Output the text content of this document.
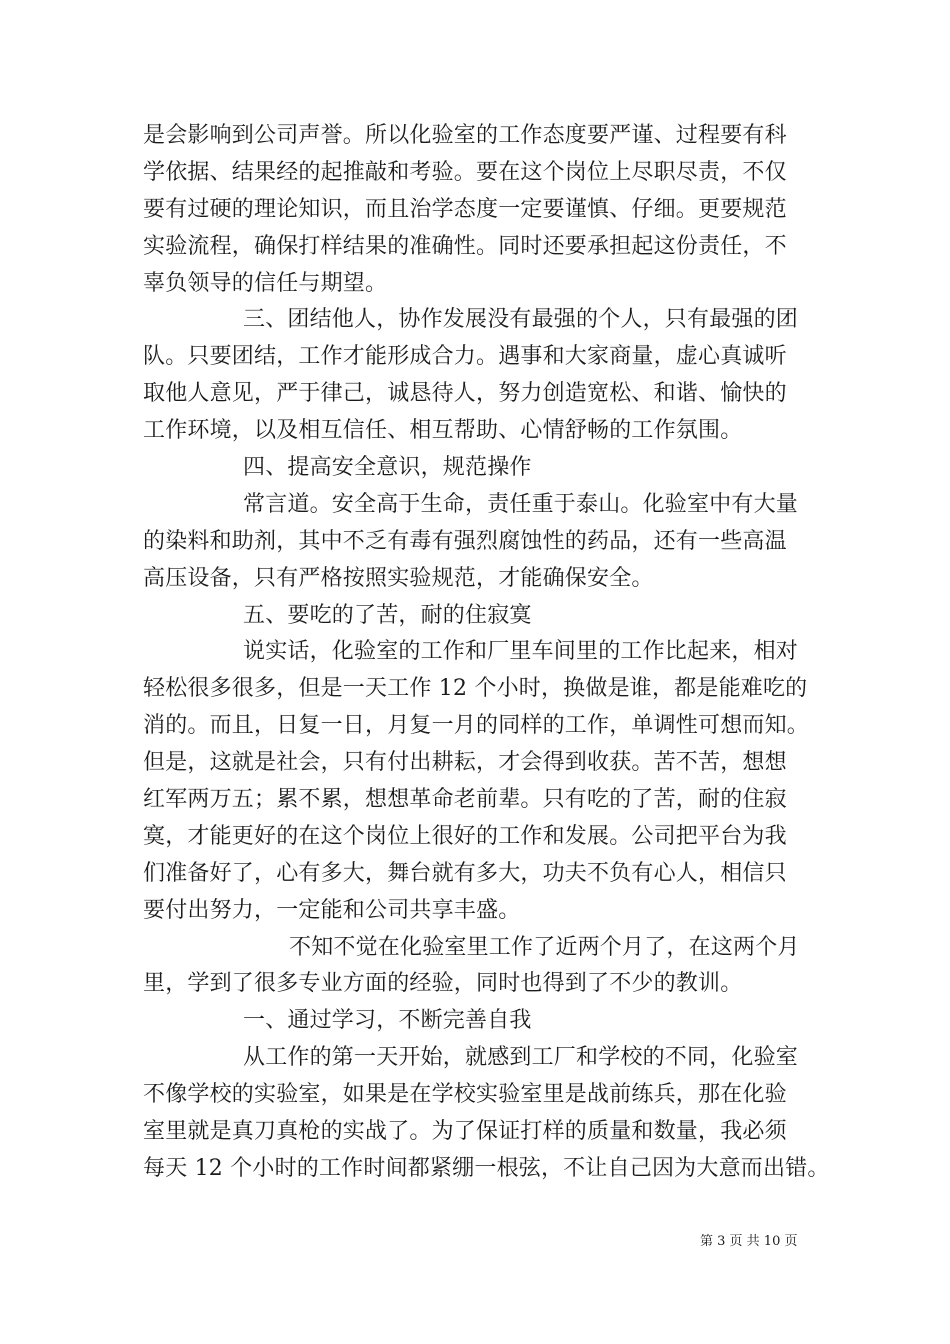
是会影响到公司声誉。所以化验室的工作态度要严谨、过程要有科
学依据、结果经的起推敲和考验。要在这个岗位上尽职尽责，不仅
要有过硬的理论知识，而且治学态度一定要谨慎、仔细。更要规范
实验流程，确保打样结果的准确性。同时还要承担起这份责任，不
辜负领导的信任与期望。
三、团结他人，协作发展没有最强的个人，只有最强的团
队。只要团结，工作才能形成合力。遇事和大家商量，虚心真诚听
取他人意见，严于律己，诚恳待人，努力创造宽松、和谐、愉快的
工作环境，以及相互信任、相互帮助、心情舒畅的工作氛围。
四、提高安全意识，规范操作
常言道。安全高于生命，责任重于泰山。化验室中有大量
的染料和助剂，其中不乏有毒有强烈腐蚀性的药品，还有一些高温
高压设备，只有严格按照实验规范，才能确保安全。
五、要吃的了苦，耐的住寂寞
说实话，化验室的工作和厂里车间里的工作比起来，相对
轻松很多很多，但是一天工作 12 个小时，换做是谁，都是能难吃的
消的。而且，日复一日，月复一月的同样的工作，单调性可想而知。
但是，这就是社会，只有付出耕耘，才会得到收获。苦不苦，想想
红军两万五；累不累，想想革命老前辈。只有吃的了苦，耐的住寂
寞，才能更好的在这个岗位上很好的工作和发展。公司把平台为我
们准备好了，心有多大，舞台就有多大，功夫不负有心人，相信只
要付出努力，一定能和公司共享丰盛。
不知不觉在化验室里工作了近两个月了，在这两个月
里，学到了很多专业方面的经验，同时也得到了不少的教训。
一、通过学习，不断完善自我
从工作的第一天开始，就感到工厂和学校的不同，化验室
不像学校的实验室，如果是在学校实验室里是战前练兵，那在化验
室里就是真刀真枪的实战了。为了保证打样的质量和数量，我必须
每天 12 个小时的工作时间都紧绷一根弦，不让自己因为大意而出错。
第 3 页 共 10 页
